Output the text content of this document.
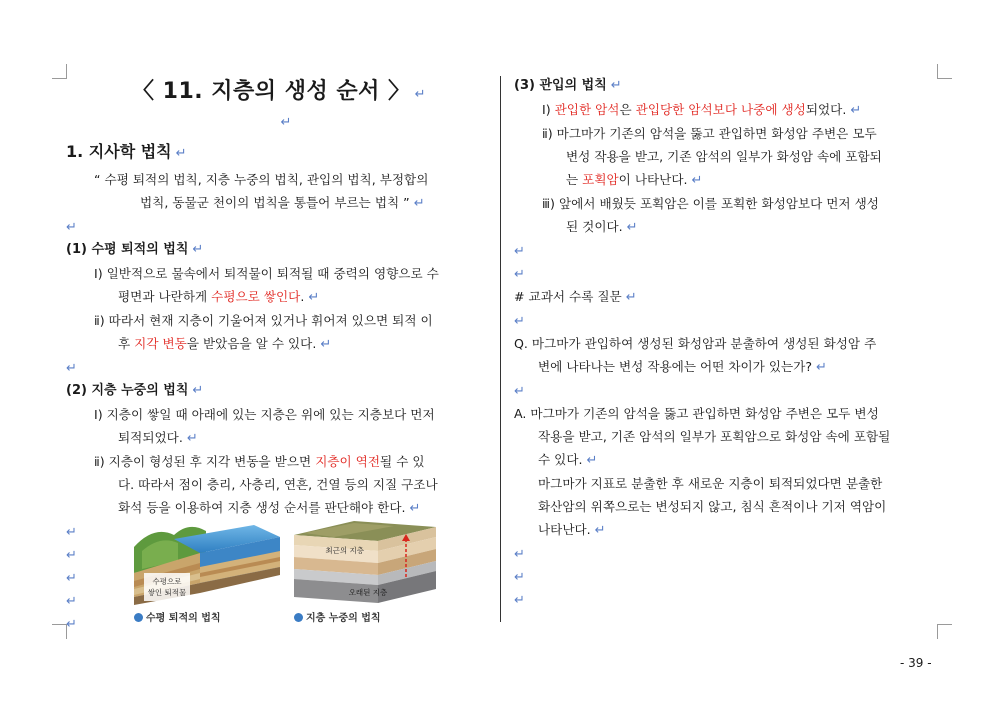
〈 11. 지층의 생성 순서 〉 ↵
↵
1. 지사학 법칙 ↵
“ 수평 퇴적의 법칙, 지층 누중의 법칙, 관입의 법칙, 부정합의
법칙, 동물군 천이의 법칙을 통틀어 부르는 법칙 ” ↵
↵
(1) 수평 퇴적의 법칙 ↵
Ⅰ) 일반적으로 물속에서 퇴적물이 퇴적될 때 중력의 영향으로 수
평면과 나란하게 수평으로 쌓인다. ↵
ⅱ) 따라서 현재 지층이 기울어져 있거나 휘어져 있으면 퇴적 이
후 지각 변동을 받았음을 알 수 있다. ↵
↵
(2) 지층 누중의 법칙 ↵
Ⅰ) 지층이 쌓일 때 아래에 있는 지층은 위에 있는 지층보다 먼저
퇴적되었다. ↵
ⅱ) 지층이 형성된 후 지각 변동을 받으면 지층이 역전될 수 있
다. 따라서 점이 층리, 사층리, 연흔, 건열 등의 지질 구조나
화석 등을 이용하여 지층 생성 순서를 판단해야 한다. ↵
↵
↵
↵
↵
↵
수평으로
쌓인 퇴적물
수평 퇴적의 법칙
최근의 지층
오래된 지층
지층 누중의 법칙
(3) 관입의 법칙 ↵
Ⅰ) 관입한 암석은 관입당한 암석보다 나중에 생성되었다. ↵
ⅱ) 마그마가 기존의 암석을 뚫고 관입하면 화성암 주변은 모두
변성 작용을 받고, 기존 암석의 일부가 화성암 속에 포함되
는 포획암이 나타난다. ↵
ⅲ) 앞에서 배웠듯 포획암은 이를 포획한 화성암보다 먼저 생성
된 것이다. ↵
↵
↵
# 교과서 수록 질문 ↵
↵
Q. 마그마가 관입하여 생성된 화성암과 분출하여 생성된 화성암 주
변에 나타나는 변성 작용에는 어떤 차이가 있는가? ↵
↵
A. 마그마가 기존의 암석을 뚫고 관입하면 화성암 주변은 모두 변성
작용을 받고, 기존 암석의 일부가 포획암으로 화성암 속에 포함될
수 있다. ↵
마그마가 지표로 분출한 후 새로운 지층이 퇴적되었다면 분출한
화산암의 위쪽으로는 변성되지 않고, 침식 흔적이나 기저 역암이
나타난다. ↵
↵
↵
↵
- 39 -
